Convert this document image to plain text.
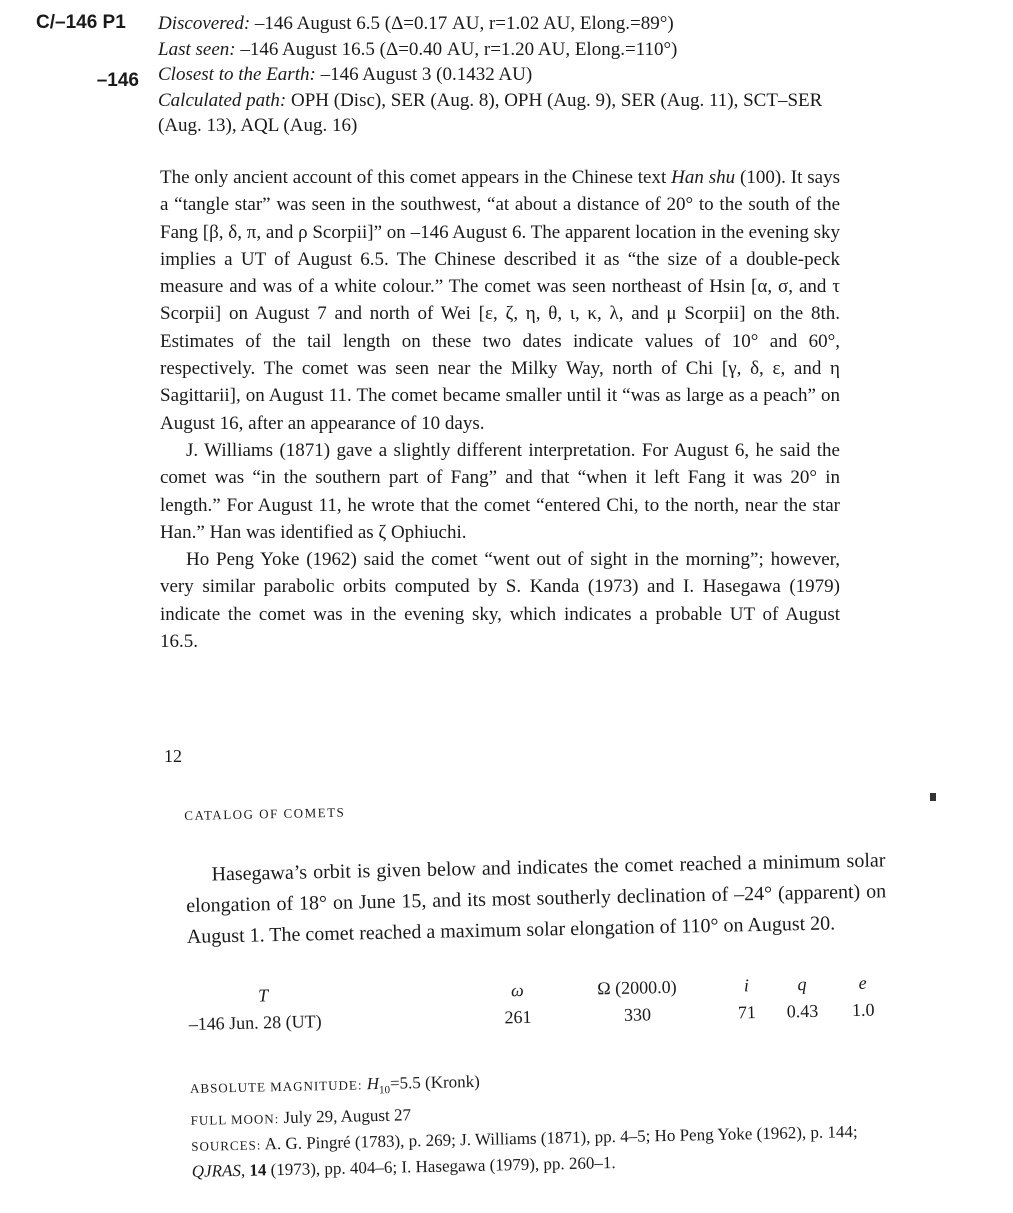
C/–146 P1
–146
Discovered: –146 August 6.5 (Δ=0.17 AU, r=1.02 AU, Elong.=89°)
Last seen: –146 August 16.5 (Δ=0.40 AU, r=1.20 AU, Elong.=110°)
Closest to the Earth: –146 August 3 (0.1432 AU)
Calculated path: OPH (Disc), SER (Aug. 8), OPH (Aug. 9), SER (Aug. 11), SCT–SER (Aug. 13), AQL (Aug. 16)

The only ancient account of this comet appears in the Chinese text Han shu (100). It says a “tangle star” was seen in the southwest, “at about a distance of 20° to the south of the Fang [β, δ, π, and ρ Scorpii]” on –146 August 6. The apparent location in the evening sky implies a UT of August 6.5. The Chinese described it as “the size of a double-peck measure and was of a white colour.” The comet was seen northeast of Hsin [α, σ, and τ Scorpii] on August 7 and north of Wei [ε, ζ, η, θ, ι, κ, λ, and μ Scorpii] on the 8th. Estimates of the tail length on these two dates indicate values of 10° and 60°, respectively. The comet was seen near the Milky Way, north of Chi [γ, δ, ε, and η Sagittarii], on August 11. The comet became smaller until it “was as large as a peach” on August 16, after an appearance of 10 days.

J. Williams (1871) gave a slightly different interpretation. For August 6, he said the comet was “in the southern part of Fang” and that “when it left Fang it was 20° in length.” For August 11, he wrote that the comet “entered Chi, to the north, near the star Han.” Han was identified as ζ Ophiuchi.

Ho Peng Yoke (1962) said the comet “went out of sight in the morning”; however, very similar parabolic orbits computed by S. Kanda (1973) and I. Hasegawa (1979) indicate the comet was in the evening sky, which indicates a probable UT of August 16.5.

12
CATALOG OF COMETS
Hasegawa’s orbit is given below and indicates the comet reached a minimum solar elongation of 18° on June 15, and its most southerly declination of –24° (apparent) on August 1. The comet reached a maximum solar elongation of 110° on August 20.
T	ω	Ω (2000.0)	i	q	e
–146 Jun. 28 (UT)	261	330	71	0.43	1.0
ABSOLUTE MAGNITUDE: $H_{10}=5.5$ (Kronk)
FULL MOON: July 29, August 27
SOURCES: A. G. Pingré (1783), p. 269; J. Williams (1871), pp. 4–5; Ho Peng Yoke (1962), p. 144; QJRAS, 14 (1973), pp. 404–6; I. Hasegawa (1979), pp. 260–1.
